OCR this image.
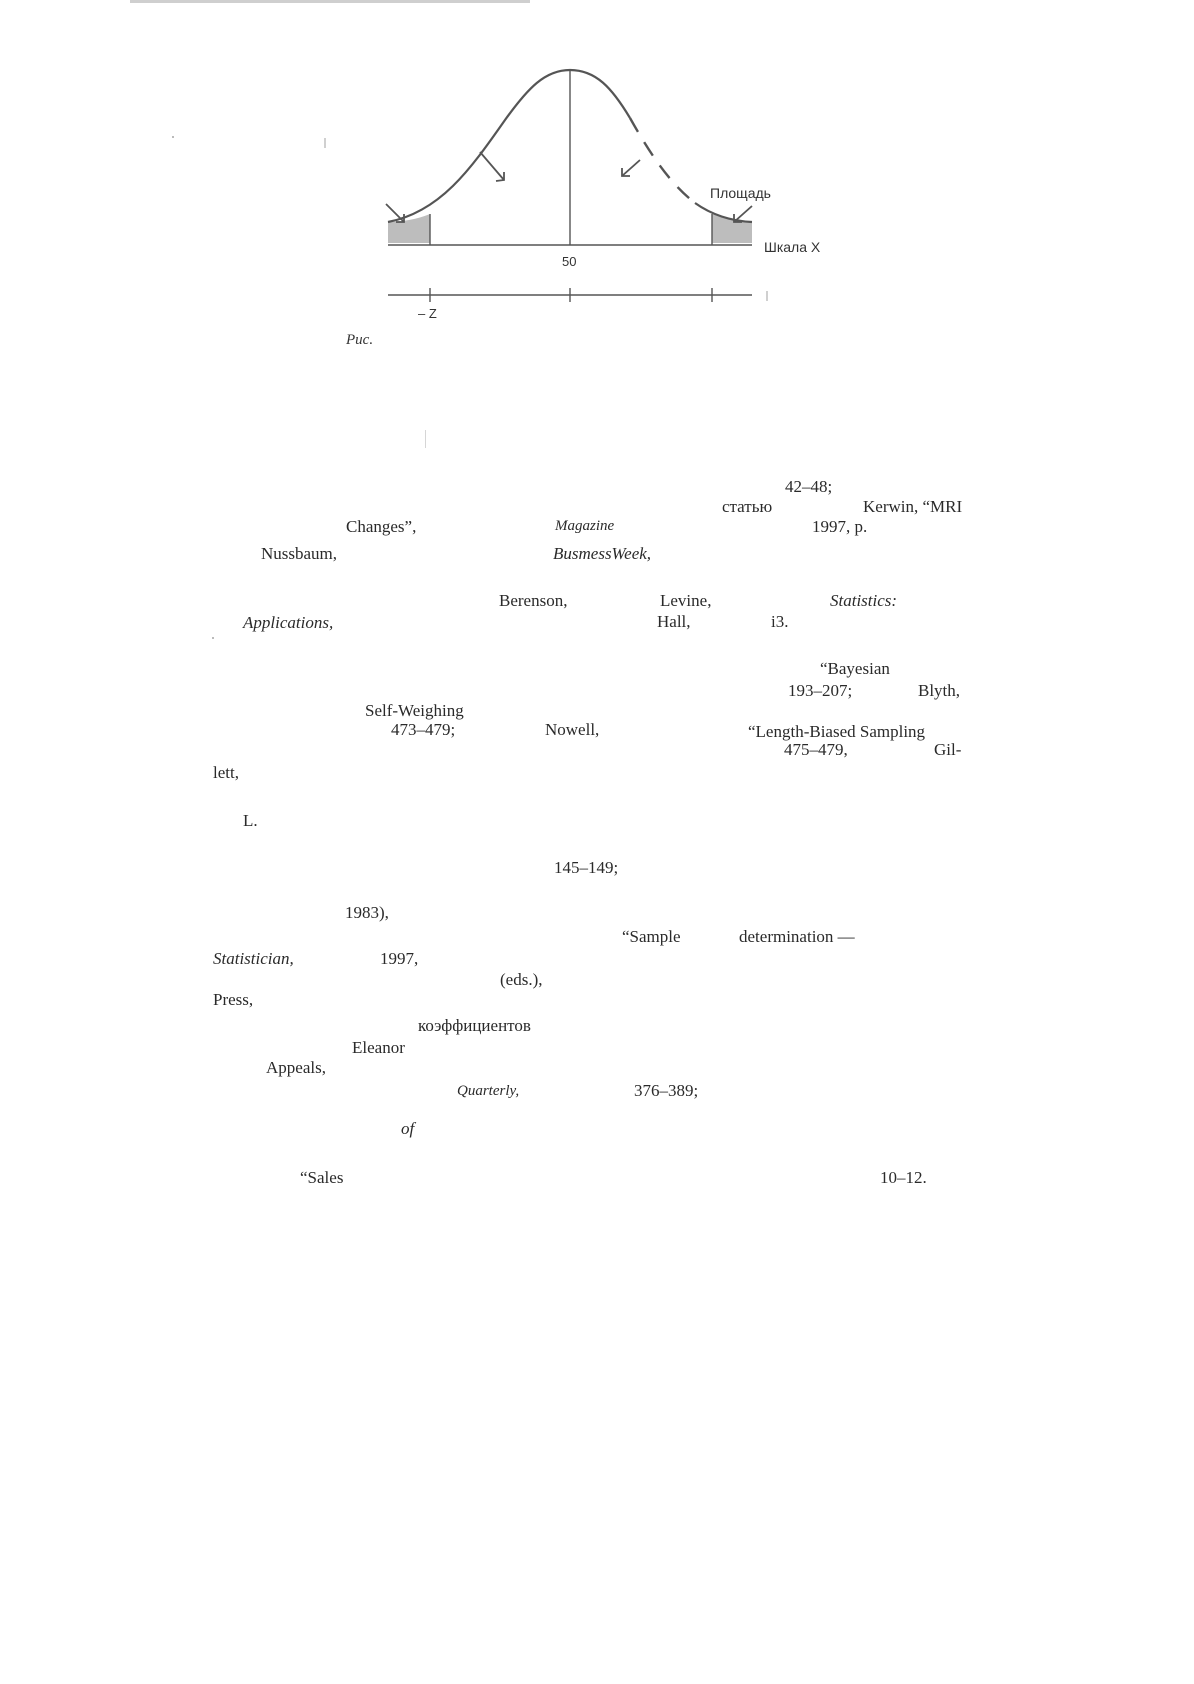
50
Площадь
Шкала X
– Z
Рис.
42–48;
статью	Kerwin, “MRI
Changes”,	Magazine	1997, p.
Nussbaum,	BusmessWeek,
Berenson,	Levine,	Statistics:
Applications,	Hall,	i3.
“Bayesian
193–207;	Blyth,
Self-Weighing
473–479;	Nowell,	“Length-Biased Sampling
475–479,	Gil-
lett,
L.
145–149;
1983),
“Sample	determination —
Statistician,	1997,
(eds.),
Press,
коэффициентов
Eleanor
Appeals,
Quarterly,	376–389;
of
“Sales	10–12.
